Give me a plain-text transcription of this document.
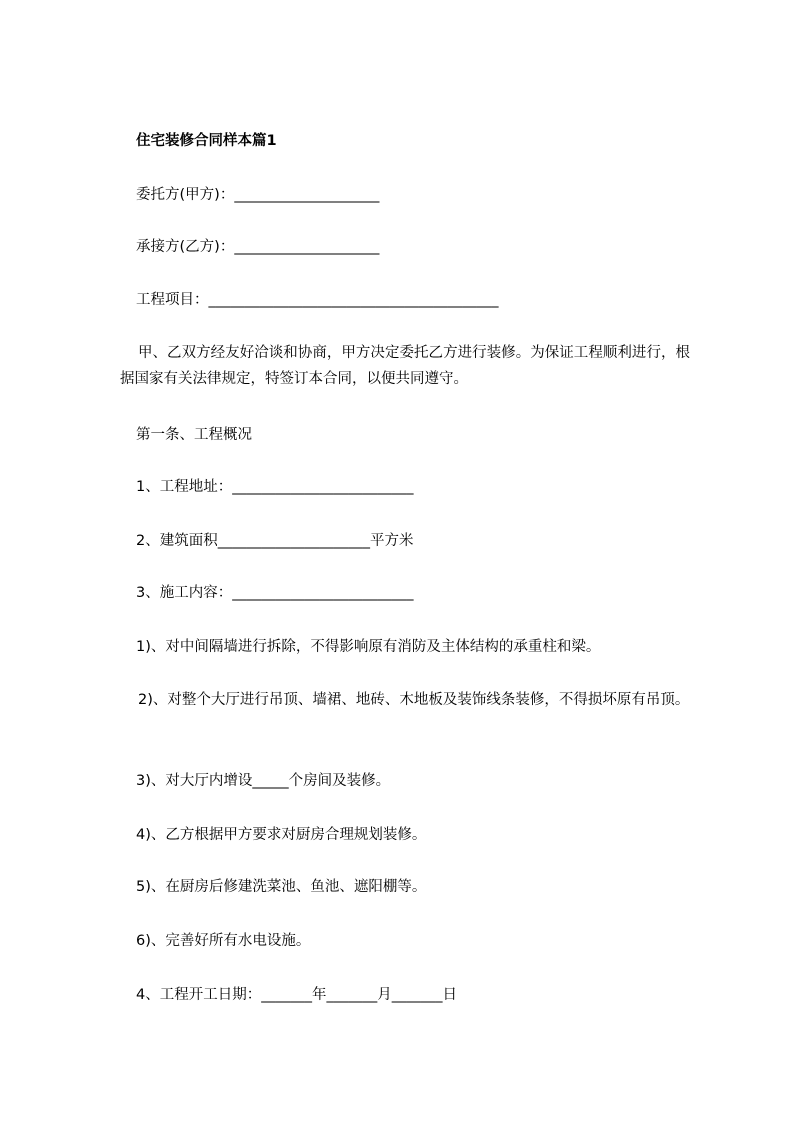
住宅装修合同样本篇1
委托方(甲方)：____________________
承接方(乙方)：____________________
工程项目：________________________________________
甲、乙双方经友好洽谈和协商，甲方决定委托乙方进行装修。为保证工程顺利进行，根据国家有关法律规定，特签订本合同，以便共同遵守。
第一条、工程概况
1、工程地址：_________________________
2、建筑面积_____________________平方米
3、施工内容：_________________________
1)、对中间隔墙进行拆除，不得影响原有消防及主体结构的承重柱和梁。
2)、对整个大厅进行吊顶、墙裙、地砖、木地板及装饰线条装修，不得损坏原有吊顶。
3)、对大厅内增设_____个房间及装修。
4)、乙方根据甲方要求对厨房合理规划装修。
5)、在厨房后修建洗菜池、鱼池、遮阳棚等。
6)、完善好所有水电设施。
4、工程开工日期：_______年_______月_______日
